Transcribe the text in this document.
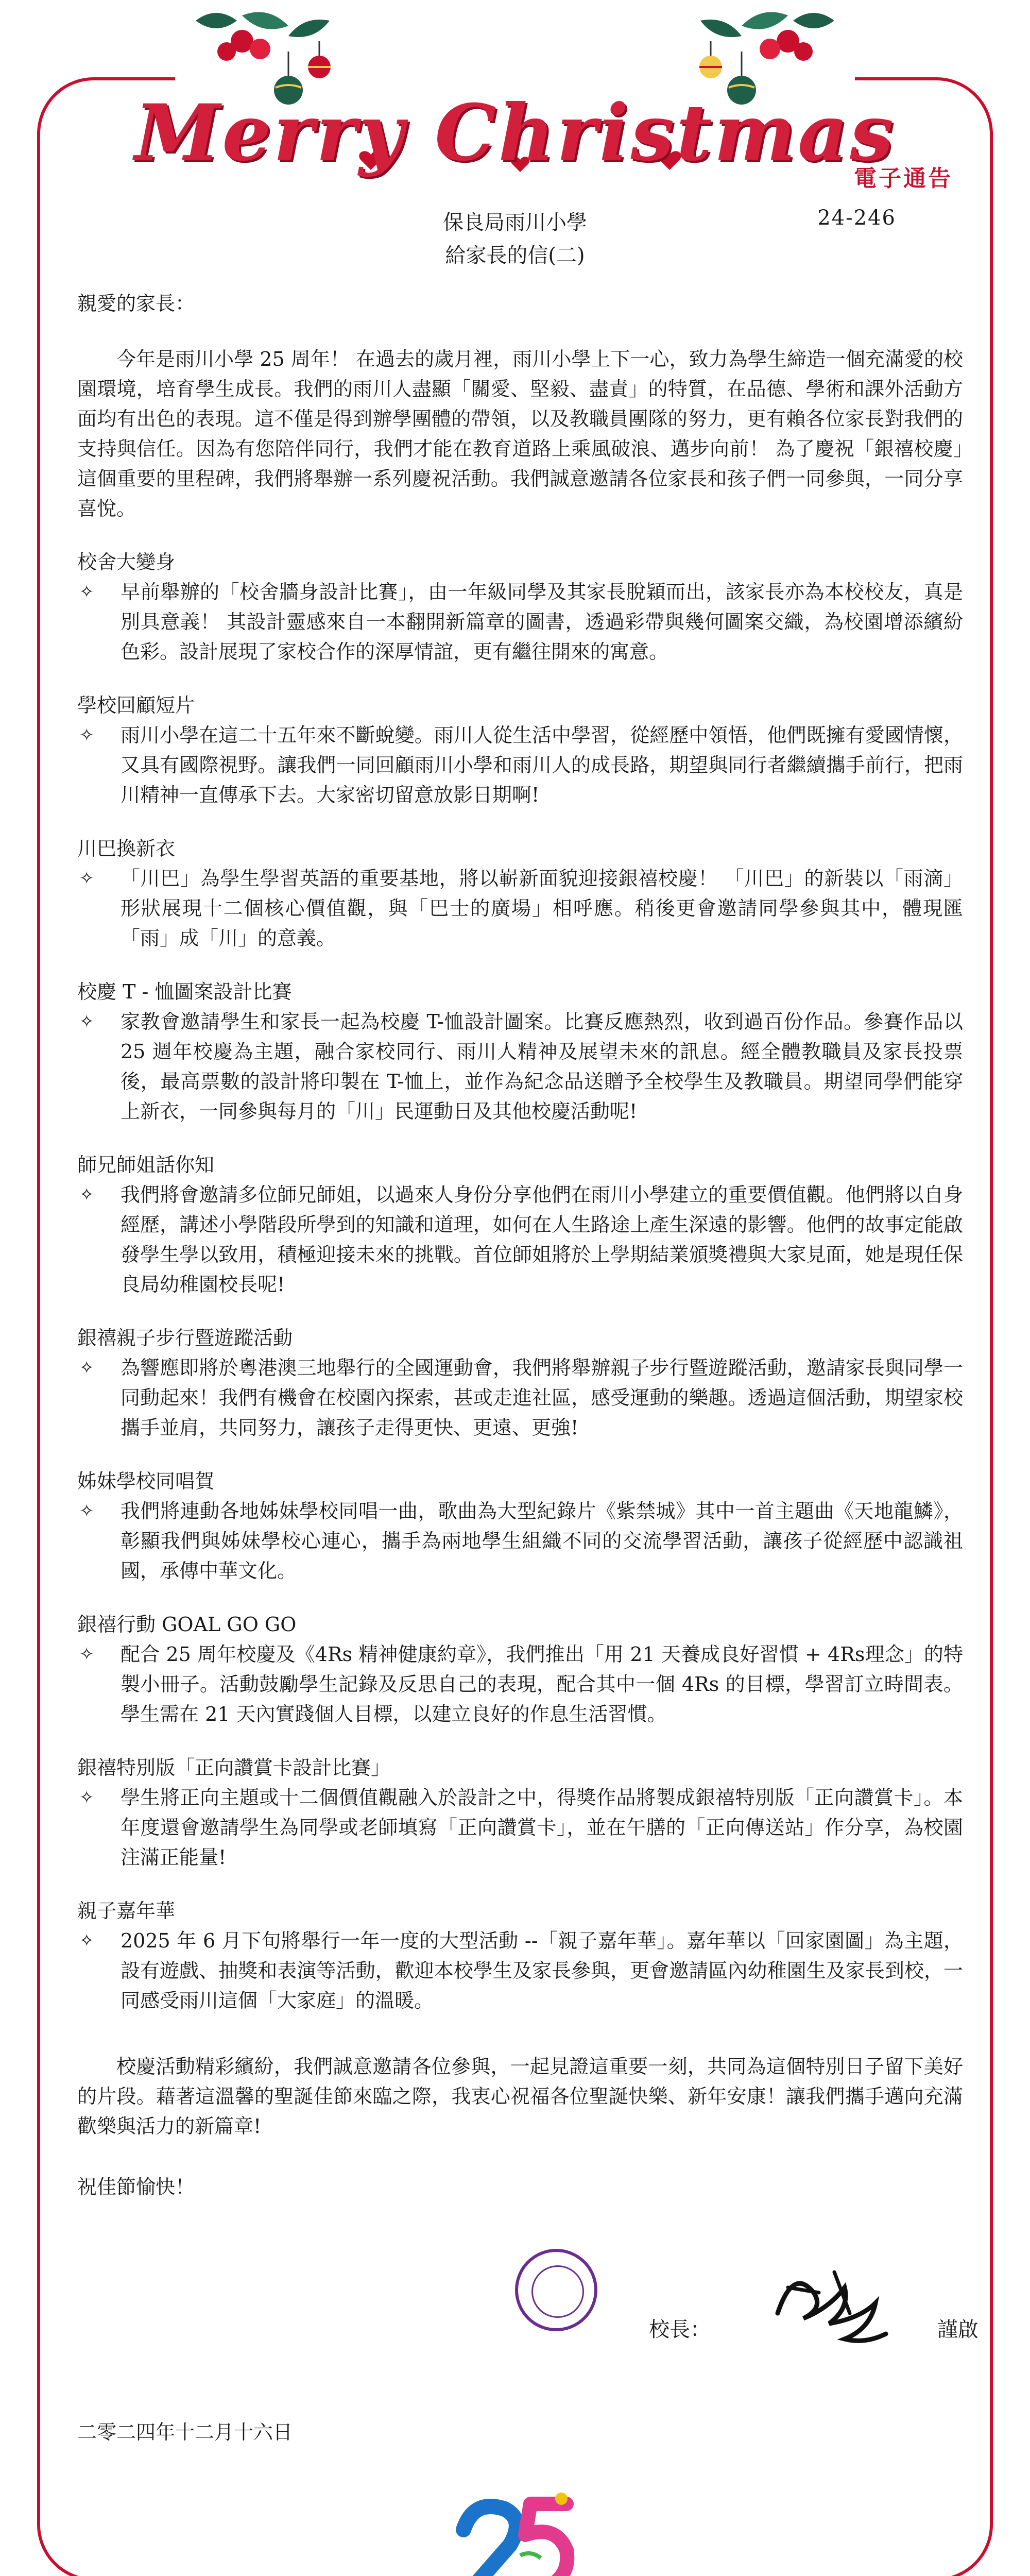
Merry Christmas
電子通告
保良局雨川小學
給家長的信(二)
24-246

親愛的家長：

今年是雨川小學 25 周年！ 在過去的歲月裡，雨川小學上下一心，致力為學生締造一個充滿愛的校園環境，培育學生成長。我們的雨川人盡顯「關愛、堅毅、盡責」的特質，在品德、學術和課外活動方面均有出色的表現。這不僅是得到辦學團體的帶領，以及教職員團隊的努力，更有賴各位家長對我們的支持與信任。因為有您陪伴同行，我們才能在教育道路上乘風破浪、邁步向前！ 為了慶祝「銀禧校慶」這個重要的里程碑，我們將舉辦一系列慶祝活動。我們誠意邀請各位家長和孩子們一同參與，一同分享喜悅。

校舍大變身

✧	早前舉辦的「校舍牆身設計比賽」，由一年級同學及其家長脫穎而出，該家長亦為本校校友，真是別具意義！ 其設計靈感來自一本翻開新篇章的圖書，透過彩帶與幾何圖案交織，為校園增添繽紛色彩。設計展現了家校合作的深厚情誼，更有繼往開來的寓意。

學校回顧短片

✧	雨川小學在這二十五年來不斷蛻變。雨川人從生活中學習，從經歷中領悟，他們既擁有愛國情懷，又具有國際視野。讓我們一同回顧雨川小學和雨川人的成長路，期望與同行者繼續攜手前行，把雨川精神一直傳承下去。大家密切留意放影日期啊!

川巴換新衣

✧	「川巴」為學生學習英語的重要基地，將以嶄新面貌迎接銀禧校慶！ 「川巴」的新裝以「雨滴」形狀展現十二個核心價值觀，與「巴士的廣場」相呼應。稍後更會邀請同學參與其中，體現匯「雨」成「川」的意義。

校慶 T - 恤圖案設計比賽

✧	家教會邀請學生和家長一起為校慶 T-恤設計圖案。比賽反應熱烈，收到過百份作品。參賽作品以 25 週年校慶為主題，融合家校同行、雨川人精神及展望未來的訊息。經全體教職員及家長投票後，最高票數的設計將印製在 T-恤上，並作為紀念品送贈予全校學生及教職員。期望同學們能穿上新衣，一同參與每月的「川」民運動日及其他校慶活動呢!

師兄師姐話你知

✧	我們將會邀請多位師兄師姐，以過來人身份分享他們在雨川小學建立的重要價值觀。他們將以自身經歷，講述小學階段所學到的知識和道理，如何在人生路途上產生深遠的影響。他們的故事定能啟發學生學以致用，積極迎接未來的挑戰。首位師姐將於上學期結業頒獎禮與大家見面，她是現任保良局幼稚園校長呢!

銀禧親子步行暨遊蹤活動

✧	為響應即將於粵港澳三地舉行的全國運動會，我們將舉辦親子步行暨遊蹤活動，邀請家長與同學一同動起來！我們有機會在校園內探索，甚或走進社區，感受運動的樂趣。透過這個活動，期望家校攜手並肩，共同努力，讓孩子走得更快、更遠、更強!

姊妹學校同唱賀

✧	我們將連動各地姊妹學校同唱一曲，歌曲為大型紀錄片《紫禁城》其中一首主題曲《天地龍鱗》，彰顯我們與姊妹學校心連心，攜手為兩地學生組織不同的交流學習活動，讓孩子從經歷中認識祖國，承傳中華文化。

銀禧行動 GOAL GO GO

✧	配合 25 周年校慶及《4Rs 精神健康約章》，我們推出「用 21 天養成良好習慣 + 4Rs理念」的特製小冊子。活動鼓勵學生記錄及反思自己的表現，配合其中一個 4Rs 的目標，學習訂立時間表。學生需在 21 天內實踐個人目標，以建立良好的作息生活習慣。

銀禧特別版「正向讚賞卡設計比賽」

✧	學生將正向主題或十二個價值觀融入於設計之中，得獎作品將製成銀禧特別版「正向讚賞卡」。本年度還會邀請學生為同學或老師填寫「正向讚賞卡」，並在午膳的「正向傳送站」作分享，為校園注滿正能量!

親子嘉年華

✧	2025 年 6 月下旬將舉行一年一度的大型活動 --「親子嘉年華」。嘉年華以「回家園圖」為主題，設有遊戲、抽獎和表演等活動，歡迎本校學生及家長參與，更會邀請區內幼稚園生及家長到校，一同感受雨川這個「大家庭」的溫暖。

校慶活動精彩繽紛，我們誠意邀請各位參與，一起見證這重要一刻，共同為這個特別日子留下美好的片段。藉著這溫馨的聖誕佳節來臨之際，我衷心祝福各位聖誕快樂、新年安康！讓我們攜手邁向充滿歡樂與活力的新篇章!

祝佳節愉快！

校長：	謹啟
二零二四年十二月十六日
